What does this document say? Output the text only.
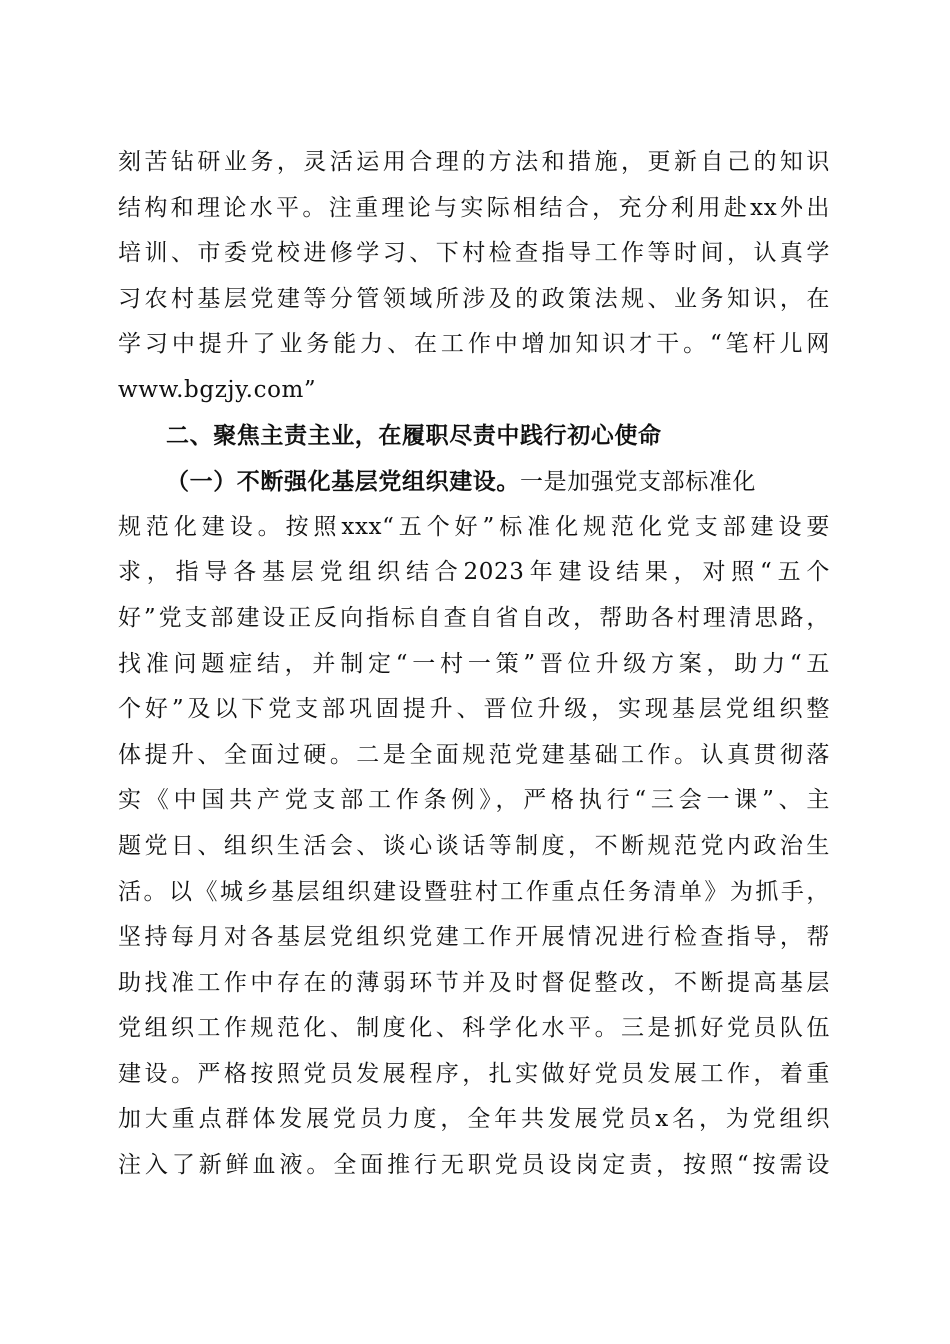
刻苦钻研业务，灵活运用合理的方法和措施，更新自己的知识
结构和理论水平。注重理论与实际相结合，充分利用赴xx外出
培训、市委党校进修学习、下村检查指导工作等时间，认真学
习农村基层党建等分管领域所涉及的政策法规、业务知识，在
学习中提升了业务能力、在工作中增加知识才干。“笔杆儿网
www.bgzjy.com”
二、聚焦主责主业，在履职尽责中践行初心使命
（一）不断强化基层党组织建设。一是加强党支部标准化
规范化建设。按照xxx“五个好”标准化规范化党支部建设要
求，指导各基层党组织结合2023年建设结果，对照“五个
好”党支部建设正反向指标自查自省自改，帮助各村理清思路，
找准问题症结，并制定“一村一策”晋位升级方案，助力“五
个好”及以下党支部巩固提升、晋位升级，实现基层党组织整
体提升、全面过硬。二是全面规范党建基础工作。认真贯彻落
实《中国共产党支部工作条例》，严格执行“三会一课”、主
题党日、组织生活会、谈心谈话等制度，不断规范党内政治生
活。以《城乡基层组织建设暨驻村工作重点任务清单》为抓手，
坚持每月对各基层党组织党建工作开展情况进行检查指导，帮
助找准工作中存在的薄弱环节并及时督促整改，不断提高基层
党组织工作规范化、制度化、科学化水平。三是抓好党员队伍
建设。严格按照党员发展程序，扎实做好党员发展工作，着重
加大重点群体发展党员力度，全年共发展党员x名，为党组织
注入了新鲜血液。全面推行无职党员设岗定责，按照“按需设
